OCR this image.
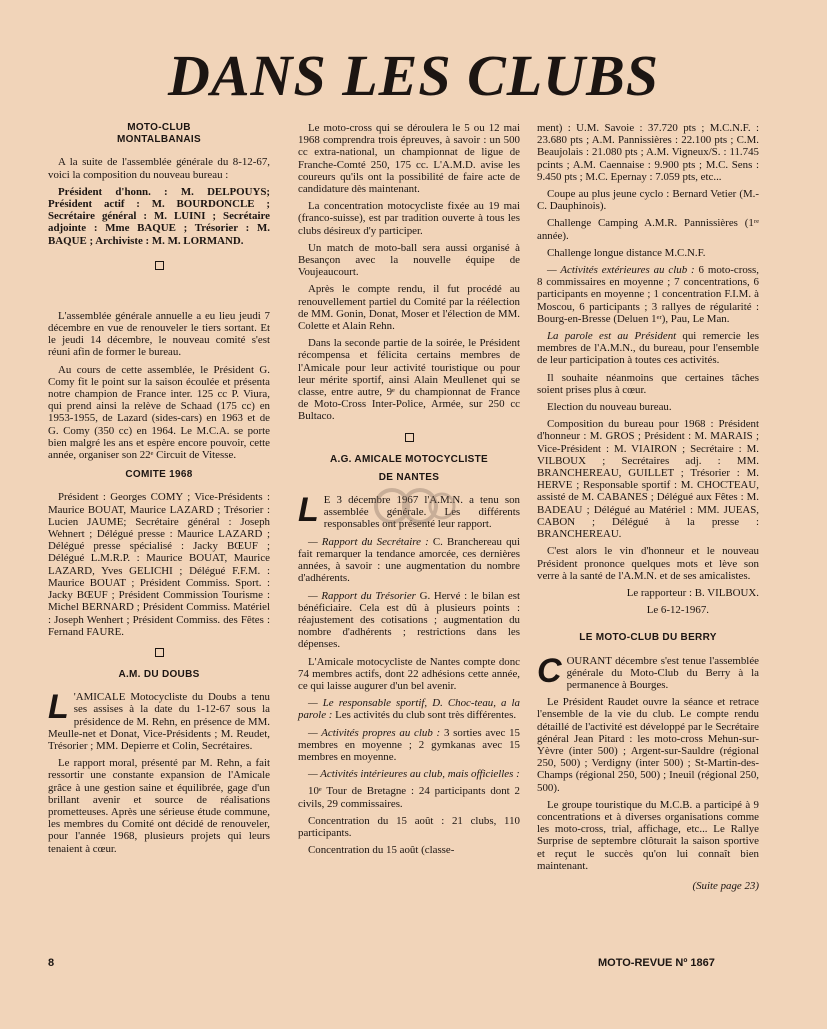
DANS LES CLUBS
MOTO-CLUB
MONTALBANAIS

A la suite de l'assemblée générale du 8-12-67, voici la composition du nouveau bureau :

Président d'honn. : M. DELPOUYS; Président actif : M. BOURDONCLE ; Secrétaire général : M. LUINI ; Secrétaire adjointe : Mme BAQUE ; Trésorier : M. BAQUE ; Archiviste : M. M. LORMAND.

L'assemblée générale annuelle a eu lieu jeudi 7 décembre en vue de renouveler le tiers sortant. Et le jeudi 14 décembre, le nouveau comité s'est réuni afin de former le bureau.

Au cours de cette assemblée, le Président G. Comy fit le point sur la saison écoulée et présenta notre champion de France inter. 125 cc P. Viura, qui prend ainsi la relève de Schaad (175 cc) en 1953-1955, de Lazard (sides-cars) en 1963 et de G. Comy (350 cc) en 1964. Le M.C.A. se porte bien malgré les ans et espère encore pouvoir, cette année, organiser son 22ᵉ Circuit de Vitesse.

COMITE 1968

Président : Georges COMY ; Vice-Présidents : Maurice BOUAT, Maurice LAZARD ; Trésorier : Lucien JAUME; Secrétaire général : Joseph Wehnert ; Délégué presse : Maurice LAZARD ; Délégué presse spécialisé : Jacky BŒUF ; Délégué L.M.R.P. : Maurice BOUAT, Maurice LAZARD, Yves GELICHI ; Délégué F.F.M. : Maurice BOUAT ; Président Commiss. Sport. : Jacky BŒUF ; Président Commission Tourisme : Michel BERNARD ; Président Commiss. Matériel : Joseph Wenhert ; Président Commiss. des Fêtes : Fernand FAURE.

A.M. DU DOUBS

L 'AMICALE Motocycliste du Doubs a tenu ses assises à la date du 1-12-67 sous la présidence de M. Rehn, en présence de MM. Meulle-net et Donat, Vice-Présidents ; M. Reudet, Trésorier ; MM. Depierre et Colin, Secrétaires.

Le rapport moral, présenté par M. Rehn, a fait ressortir une constante expansion de l'Amicale grâce à une gestion saine et équilibrée, gage d'un brillant avenir et source de réalisations prometteuses. Après une sérieuse étude commune, les membres du Comité ont décidé de renouveler, pour l'année 1968, plusieurs projets qui leurs tenaient à cœur.

Le moto-cross qui se déroulera le 5 ou 12 mai 1968 comprendra trois épreuves, à savoir : un 500 cc extra-national, un championnat de ligue de Franche-Comté 250, 175 cc. L'A.M.D. avise les coureurs qu'ils ont la possibilité de faire acte de candidature dès maintenant.

La concentration motocycliste fixée au 19 mai (franco-suisse), est par tradition ouverte à tous les clubs désireux d'y participer.

Un match de moto-ball sera aussi organisé à Besançon avec la nouvelle équipe de Voujeaucourt.

Après le compte rendu, il fut procédé au renouvellement partiel du Comité par la réélection de MM. Gonin, Donat, Moser et l'élection de MM. Colette et Alain Rehn.

Dans la seconde partie de la soirée, le Président récompensa et félicita certains membres de l'Amicale pour leur activité touristique ou pour leur mérite sportif, ainsi Alain Meullenet qui se classe, entre autre, 9ᵉ du championnat de France de Moto-Cross Inter-Police, Armée, sur 250 cc Bultaco.

A.G. AMICALE MOTOCYCLISTE
DE NANTES

L E 3 décembre 1967 l'A.M.N. a tenu son assemblée générale. Les différents responsables ont présenté leur rapport.

— Rapport du Secrétaire : C. Branchereau qui fait remarquer la tendance amorcée, ces dernières années, à savoir : une augmentation du nombre d'adhérents.

— Rapport du Trésorier G. Hervé : le bilan est bénéficiaire. Cela est dû à plusieurs points : réajustement des cotisations ; augmentation du nombre d'adhérents ; restrictions dans les dépenses.

L'Amicale motocycliste de Nantes compte donc 74 membres actifs, dont 22 adhésions cette année, ce qui laisse augurer d'un bel avenir.

— Le responsable sportif, D. Choc-teau, a la parole : Les activités du club sont très différentes.

— Activités propres au club : 3 sorties avec 15 membres en moyenne ; 2 gymkanas avec 15 membres en moyenne.

— Activités intérieures au club, mais officielles :

10ᵉ Tour de Bretagne : 24 participants dont 2 civils, 29 commissaires.

Concentration du 15 août : 21 clubs, 110 participants.

Concentration du 15 août (classe-

ment) : U.M. Savoie : 37.720 pts ; M.C.N.F. : 23.680 pts ; A.M. Pannissières : 22.100 pts ; C.M. Beaujolais : 21.080 pts ; A.M. Vigneux/S. : 11.745 pcints ; A.M. Caennaise : 9.900 pts ; M.C. Sens : 9.450 pts ; M.C. Epernay : 7.059 pts, etc...

Coupe au plus jeune cyclo : Bernard Vetier (M.-C. Dauphinois).

Challenge Camping A.M.R. Pannissières (1ʳᵉ année).

Challenge longue distance M.C.N.F.

— Activités extérieures au club : 6 moto-cross, 8 commissaires en moyenne ; 7 concentrations, 6 participants en moyenne ; 1 concentration F.I.M. à Moscou, 6 participants ; 3 rallyes de régularité : Bourg-en-Bresse (Deluen 1ᵉʳ), Pau, Le Man.

La parole est au Président qui remercie les membres de l'A.M.N., du bureau, pour l'ensemble de leur participation à toutes ces activités.

Il souhaite néanmoins que certaines tâches soient prises plus à cœur.

Election du nouveau bureau.

Composition du bureau pour 1968 : Président d'honneur : M. GROS ; Président : M. MARAIS ; Vice-Président : M. VIAIRON ; Secrétaire : M. VILBOUX ; Secrétaires adj. : MM. BRANCHEREAU, GUILLET ; Trésorier : M. HERVE ; Responsable sportif : M. CHOCTEAU, assisté de M. CABANES ; Délégué aux Fêtes : M. BADEAU ; Délégué au Matériel : MM. JUEAS, CABON ; Délégué à la presse : BRANCHEREAU.

C'est alors le vin d'honneur et le nouveau Président prononce quelques mots et lève son verre à la santé de l'A.M.N. et de ses amicalistes.

Le rapporteur : B. VILBOUX.

Le 6-12-1967.

LE MOTO-CLUB DU BERRY

COURANT décembre s'est tenue l'assemblée générale du Moto-Club du Berry à la permanence à Bourges.

Le Président Raudet ouvre la séance et retrace l'ensemble de la vie du club. Le compte rendu détaillé de l'activité est développé par le Secrétaire général Jean Pitard : les moto-cross Mehun-sur-Yèvre (inter 500) ; Argent-sur-Sauldre (régional 250, 500) ; Verdigny (inter 500) ; St-Martin-des-Champs (régional 250, 500) ; Ineuil (régional 250, 500).

Le groupe touristique du M.C.B. a participé à 9 concentrations et à diverses organisations comme les moto-cross, trial, affichage, etc... Le Rallye Surprise de septembre clôturait la saison sportive et reçut le succès qu'on lui connaît bien maintenant.

(Suite page 23)

8	MOTO-REVUE Nº 1867
